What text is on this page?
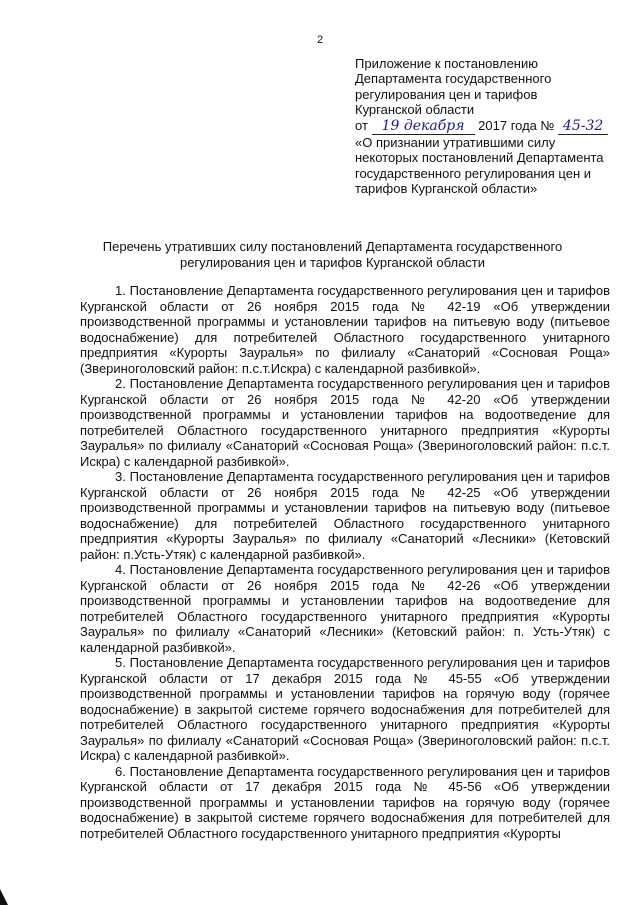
2
Приложение к постановлению
Департамента государственного
регулирования цен и тарифов
Курганской области
от 19 декабря 2017 года № 45-32
«О признании утратившими силу
некоторых постановлений Департамента
государственного регулирования цен и
тарифов Курганской области»
Перечень утративших силу постановлений Департамента государственного регулирования цен и тарифов Курганской области

1. Постановление Департамента государственного регулирования цен и тарифов Курганской области от 26 ноября 2015 года № 42-19 «Об утверждении производственной программы и установлении тарифов на питьевую воду (питьевое водоснабжение) для потребителей Областного государственного унитарного предприятия «Курорты Зауралья» по филиалу «Санаторий «Сосновая Роща» (Звериноголовский район: п.с.т.Искра) с календарной разбивкой».

2. Постановление Департамента государственного регулирования цен и тарифов Курганской области от 26 ноября 2015 года № 42-20 «Об утверждении производственной программы и установлении тарифов на водоотведение для потребителей Областного государственного унитарного предприятия «Курорты Зауралья» по филиалу «Санаторий «Сосновая Роща» (Звериноголовский район: п.с.т. Искра) с календарной разбивкой».

3. Постановление Департамента государственного регулирования цен и тарифов Курганской области от 26 ноября 2015 года № 42-25 «Об утверждении производственной программы и установлении тарифов на питьевую воду (питьевое водоснабжение) для потребителей Областного государственного унитарного предприятия «Курорты Зауралья» по филиалу «Санаторий «Лесники» (Кетовский район: п.Усть-Утяк) с календарной разбивкой».

4. Постановление Департамента государственного регулирования цен и тарифов Курганской области от 26 ноября 2015 года № 42-26 «Об утверждении производственной программы и установлении тарифов на водоотведение для потребителей Областного государственного унитарного предприятия «Курорты Зауралья» по филиалу «Санаторий «Лесники» (Кетовский район: п. Усть-Утяк) с календарной разбивкой».

5. Постановление Департамента государственного регулирования цен и тарифов Курганской области от 17 декабря 2015 года № 45-55 «Об утверждении производственной программы и установлении тарифов на горячую воду (горячее водоснабжение) в закрытой системе горячего водоснабжения для потребителей для потребителей Областного государственного унитарного предприятия «Курорты Зауралья» по филиалу «Санаторий «Сосновая Роща» (Звериноголовский район: п.с.т. Искра) с календарной разбивкой».

6. Постановление Департамента государственного регулирования цен и тарифов Курганской области от 17 декабря 2015 года № 45-56 «Об утверждении производственной программы и установлении тарифов на горячую воду (горячее водоснабжение) в закрытой системе горячего водоснабжения для потребителей для потребителей Областного государственного унитарного предприятия «Курорты
